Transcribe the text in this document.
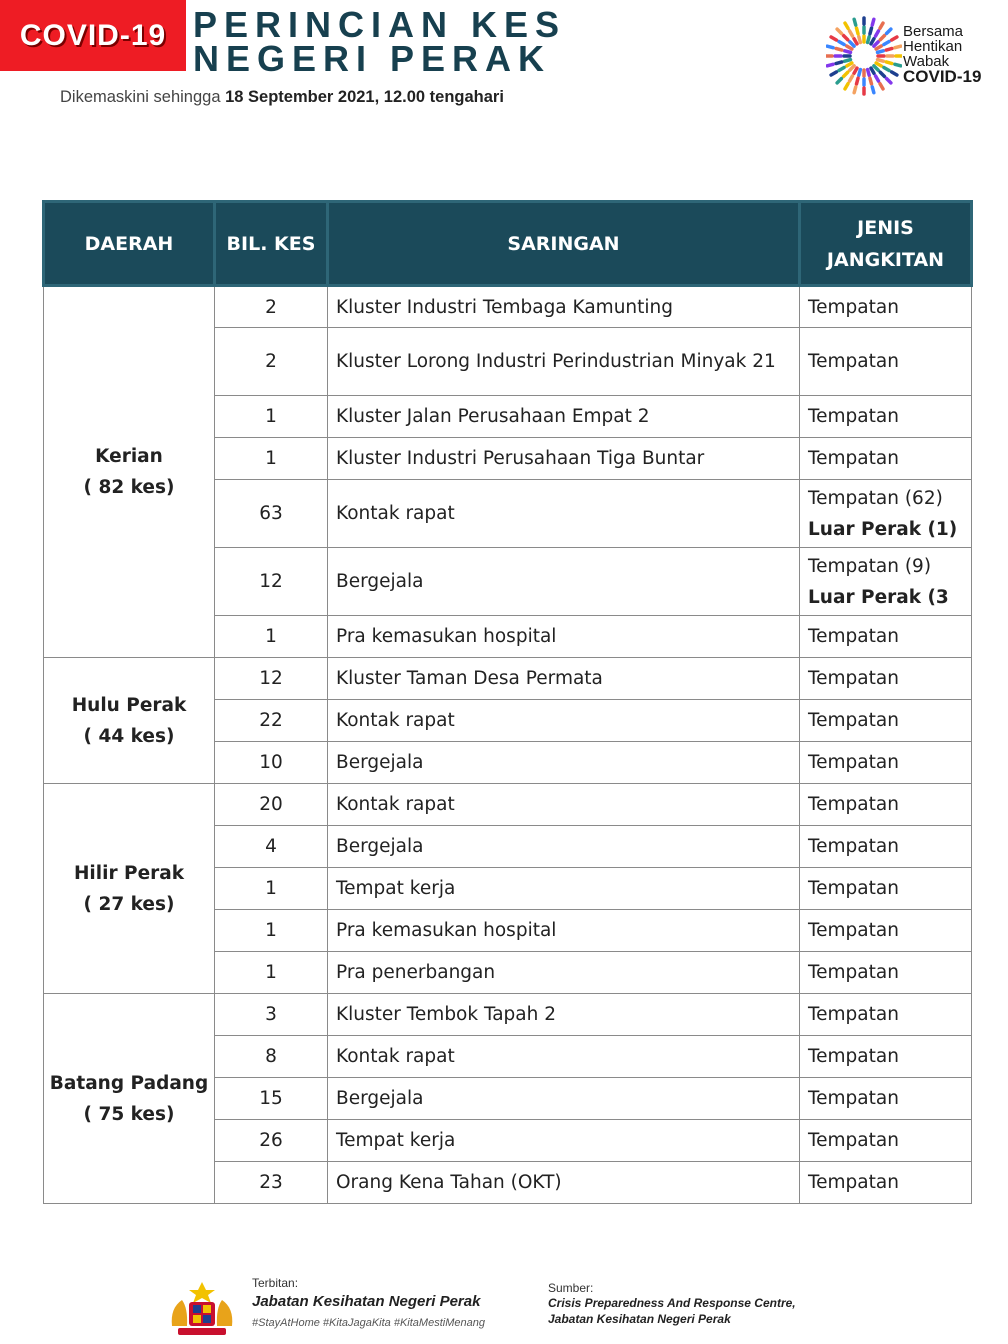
COVID-19 PERINCIAN KES
NEGERI PERAK
Dikemaskini sehingga 18 September 2021, 12.00 tengahari
Bersama
Hentikan
Wabak
COVID-19
DAERAH	BIL. KES	SARINGAN	JENIS
JANGKITAN

Kerian
( 82 kes)	2	Kluster Industri Tembaga Kamunting	Tempatan
	2	Kluster Lorong Industri Perindustrian Minyak 21	Tempatan
	1	Kluster Jalan Perusahaan Empat 2	Tempatan
	1	Kluster Industri Perusahaan Tiga Buntar	Tempatan
	63	Kontak rapat	Tempatan (62)
Luar Perak (1)

	12	Bergejala	Tempatan (9)
Luar Perak (3

	1	Pra kemasukan hospital	Tempatan

Hulu Perak
( 44 kes)	12	Kluster Taman Desa Permata	Tempatan
	22	Kontak rapat	Tempatan
	10	Bergejala	Tempatan

Hilir Perak
( 27 kes)	20	Kontak rapat	Tempatan
	4	Bergejala	Tempatan
	1	Tempat kerja	Tempatan
	1	Pra kemasukan hospital	Tempatan
	1	Pra penerbangan	Tempatan

Batang Padang
( 75 kes)	3	Kluster Tembok Tapah 2	Tempatan
	8	Kontak rapat	Tempatan
	15	Bergejala	Tempatan
	26	Tempat kerja	Tempatan
	23	Orang Kena Tahan (OKT)	Tempatan
Terbitan:
Jabatan Kesihatan Negeri Perak
#StayAtHome #KitaJagaKita #KitaMestiMenang
Sumber:
Crisis Preparedness And Response Centre,
Jabatan Kesihatan Negeri Perak
